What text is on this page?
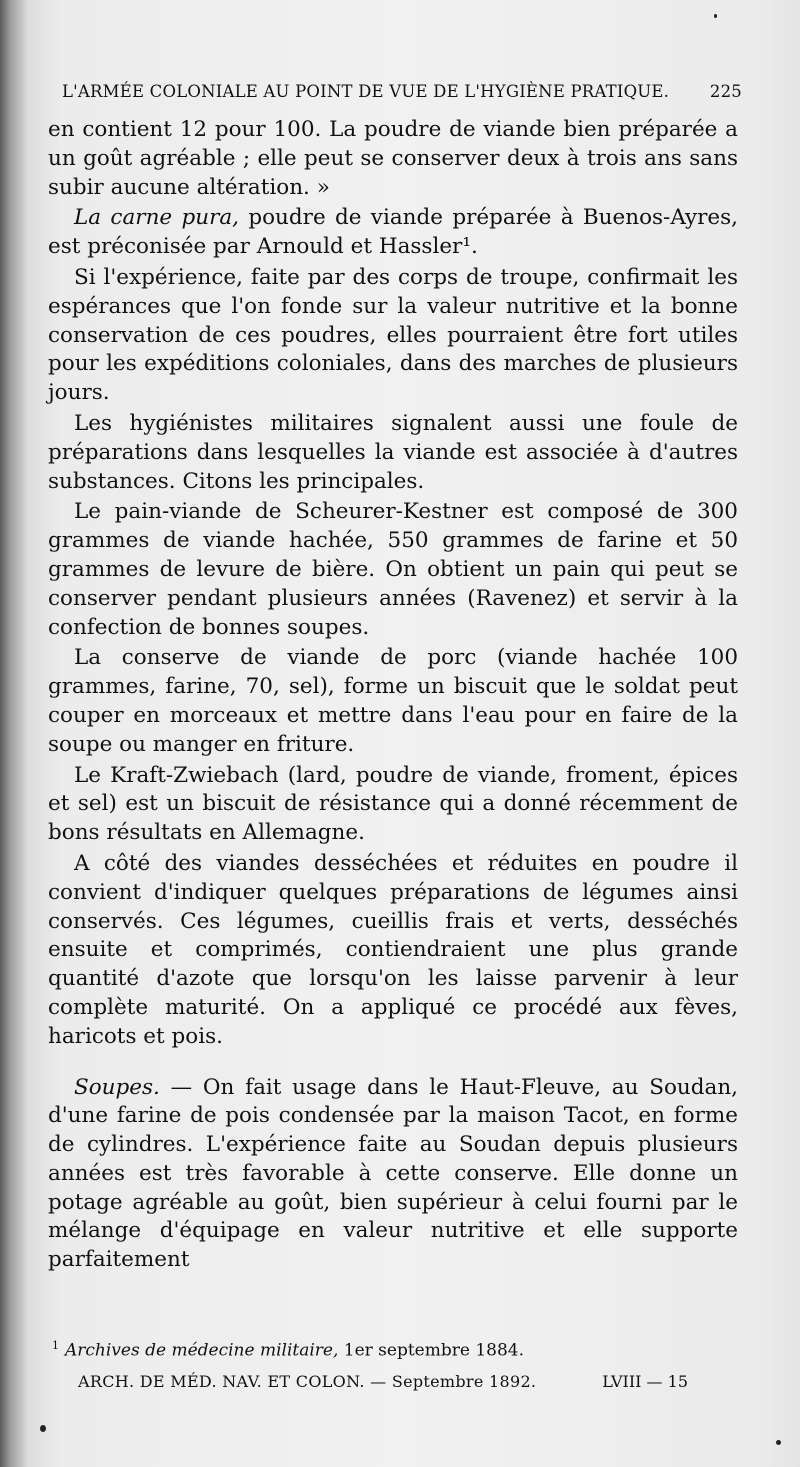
L'ARMÉE COLONIALE AU POINT DE VUE DE L'HYGIÈNE PRATIQUE. 225

en contient 12 pour 100. La poudre de viande bien préparée a un goût agréable ; elle peut se conserver deux à trois ans sans subir aucune altération. »

La carne pura, poudre de viande préparée à Buenos-Ayres, est préconisée par Arnould et Hassler¹.

Si l'expérience, faite par des corps de troupe, confirmait les espérances que l'on fonde sur la valeur nutritive et la bonne conservation de ces poudres, elles pourraient être fort utiles pour les expéditions coloniales, dans des marches de plusieurs jours.

Les hygiénistes militaires signalent aussi une foule de préparations dans lesquelles la viande est associée à d'autres substances. Citons les principales.

Le pain-viande de Scheurer-Kestner est composé de 300 grammes de viande hachée, 550 grammes de farine et 50 grammes de levure de bière. On obtient un pain qui peut se conserver pendant plusieurs années (Ravenez) et servir à la confection de bonnes soupes.

La conserve de viande de porc (viande hachée 100 grammes, farine, 70, sel), forme un biscuit que le soldat peut couper en morceaux et mettre dans l'eau pour en faire de la soupe ou manger en friture.

Le Kraft-Zwiebach (lard, poudre de viande, froment, épices et sel) est un biscuit de résistance qui a donné récemment de bons résultats en Allemagne.

A côté des viandes desséchées et réduites en poudre il convient d'indiquer quelques préparations de légumes ainsi conservés. Ces légumes, cueillis frais et verts, desséchés ensuite et comprimés, contiendraient une plus grande quantité d'azote que lorsqu'on les laisse parvenir à leur complète maturité. On a appliqué ce procédé aux fèves, haricots et pois.

Soupes. — On fait usage dans le Haut-Fleuve, au Soudan, d'une farine de pois condensée par la maison Tacot, en forme de cylindres. L'expérience faite au Soudan depuis plusieurs années est très favorable à cette conserve. Elle donne un potage agréable au goût, bien supérieur à celui fourni par le mélange d'équipage en valeur nutritive et elle supporte parfaitement

$^1$ Archives de médecine militaire, 1er septembre 1884.
ARCH. DE MÉD. NAV. ET COLON. — Septembre 1892.	LVIII — 15
